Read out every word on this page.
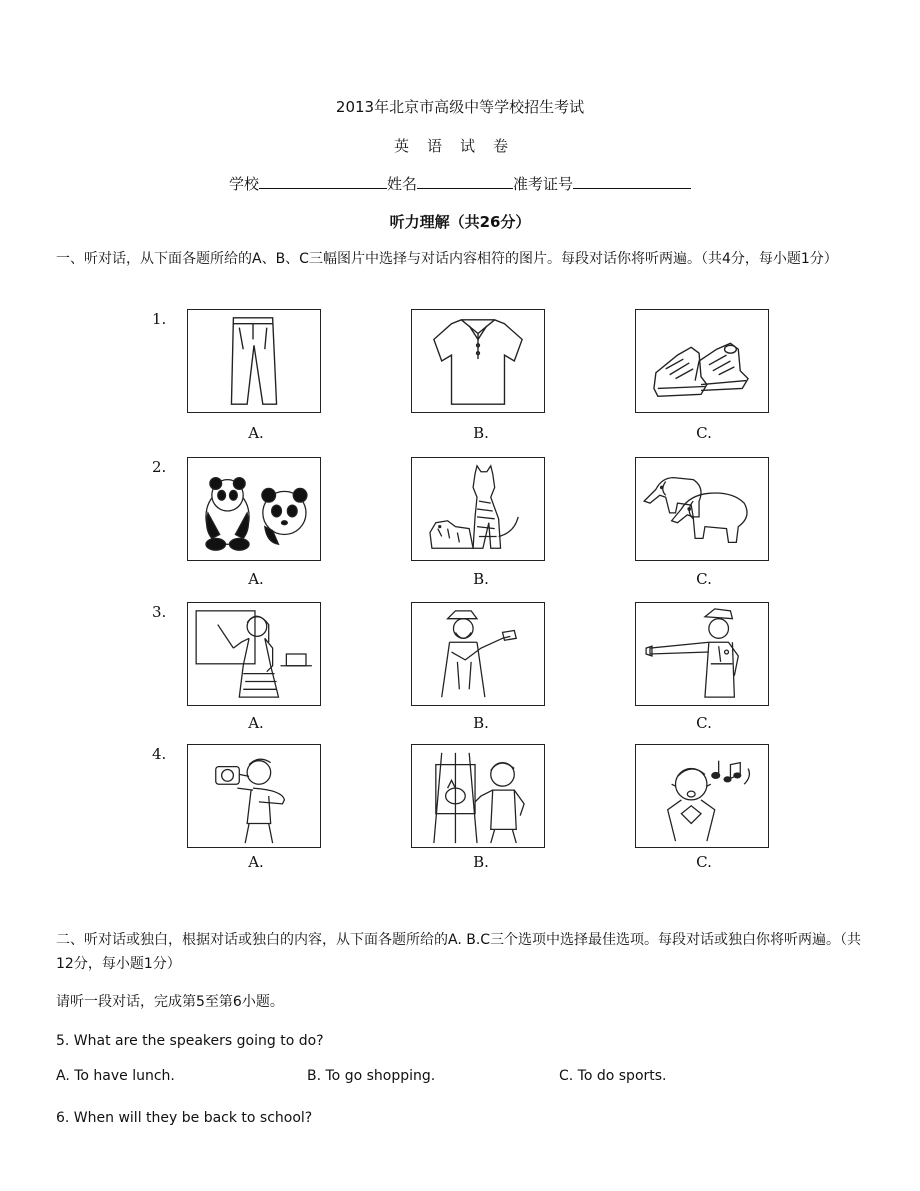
2013年北京市高级中等学校招生考试
英语试卷
学校	姓名	准考证号
听力理解（共26分）
一、听对话，从下面各题所给的A、B、C三幅图片中选择与对话内容相符的图片。每段对话你将听两遍。（共4分，每小题1分）
1.
A.	B.	C.
2.
A.	B.	C.
3.
A.	B.	C.
4.
A.	B.	C.
二、听对话或独白，根据对话或独白的内容，从下面各题所给的A. B.C三个选项中选择最佳选项。每段对话或独白你将听两遍。（共12分，每小题1分）
请听一段对话，完成第5至第6小题。
5. What are the speakers going to do?
A. To have lunch.	B. To go shopping.	C. To do sports.
6. When will they be back to school?
